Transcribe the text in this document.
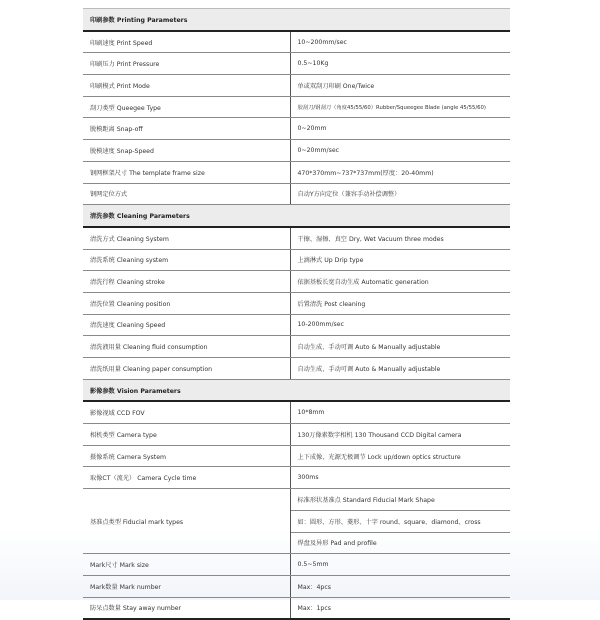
印刷参数 Printing Parameters	
印刷速度 Print Speed	10~200mm/sec
印刷压力 Print Pressure	0.5~10Kg
印刷模式 Print Mode	单或双刮刀印刷 One/Twice
刮刀类型 Queegee Type	胶刮刀/钢刮刀（角度45/55/60）Rubber/Squeegee Blade (angle 45/55/60)
脱模距离 Snap-off	0~20mm
脱模速度 Snap-Speed	0~20mm/sec
钢网框架尺寸 The template frame size	470*370mm~737*737mm(厚度：20-40mm)
钢网定位方式	自动Y方向定位（兼容手动补偿调整）
清洗参数 Cleaning Parameters	
清洗方式 Cleaning System	干擦、湿擦、真空 Dry, Wet Vacuum three modes
清洗系统 Cleaning system	上滴淋式 Up Drip type
清洗行程 Cleaning stroke	依据基板长宽自动生成 Automatic generation
清洗位置 Cleaning position	后置清洗 Post cleaning
清洗速度 Cleaning Speed	10-200mm/sec
清洗液用量 Cleaning fluid consumption	自动生成、手动可调 Auto & Manually adjustable
清洗纸用量 Cleaning paper consumption	自动生成、手动可调 Auto & Manually adjustable
影像参数 Vision Parameters	
影像视域 CCD FOV	10*8mm
相机类型 Camera type	130万像素数字相机 130 Thousand CCD Digital camera
摄像系统 Camera System	上下成像、光源无极调节 Lock up/down optics structure
取像CT（流光） Camera Cycle time	300ms
基准点类型 Fiducial mark types	标准形状基准点 Standard Fiducial Mark Shape
	如：圆形、方形、菱形、十字 round、square、diamond、cross
	焊盘及异形 Pad and profile
Mark尺寸 Mark size	0.5~5mm
Mark数量 Mark number	Max：4pcs
防呆点数量 Stay away number	Max：1pcs
